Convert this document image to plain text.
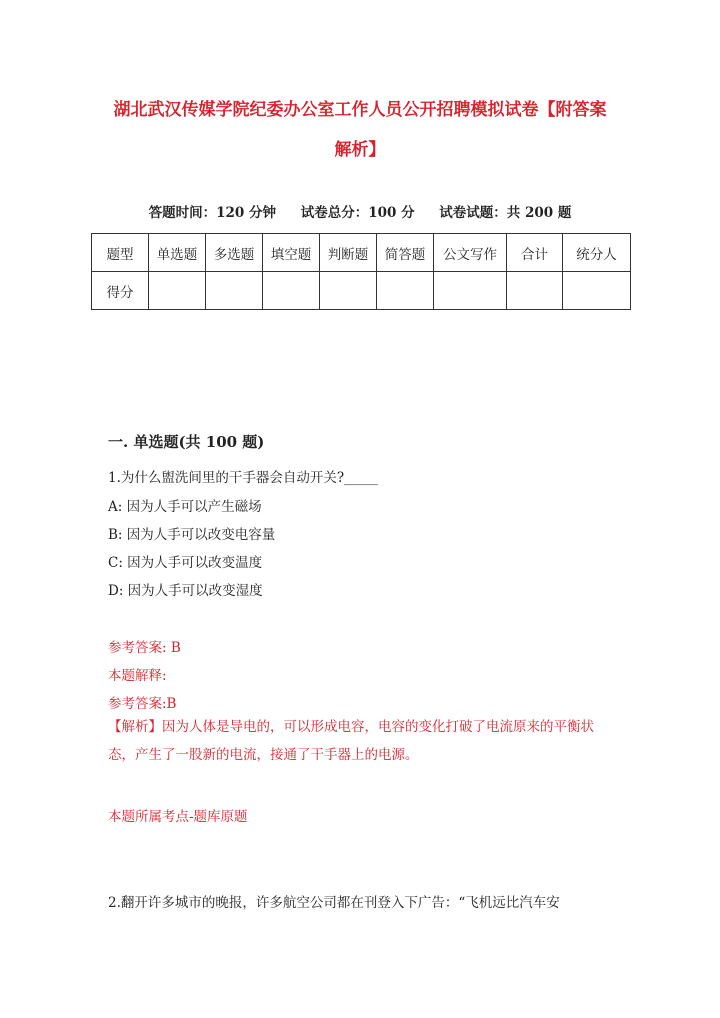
湖北武汉传媒学院纪委办公室工作人员公开招聘模拟试卷【附答案
解析】
答题时间：120 分钟 试卷总分：100 分 试卷试题：共 200 题
题型	单选题	多选题	填空题	判断题	简答题	公文写作	合计	统分人
得分								
一. 单选题(共 100 题)
1.为什么盥洗间里的干手器会自动开关?_____
A: 因为人手可以产生磁场
B: 因为人手可以改变电容量
C: 因为人手可以改变温度
D: 因为人手可以改变湿度
参考答案: B
本题解释:
参考答案:B
【解析】因为人体是导电的，可以形成电容，电容的变化打破了电流原来的平衡状态，产生了一股新的电流，接通了干手器上的电源。
本题所属考点-题库原题
2.翻开许多城市的晚报，许多航空公司都在刊登入下广告：“飞机远比汽车安
